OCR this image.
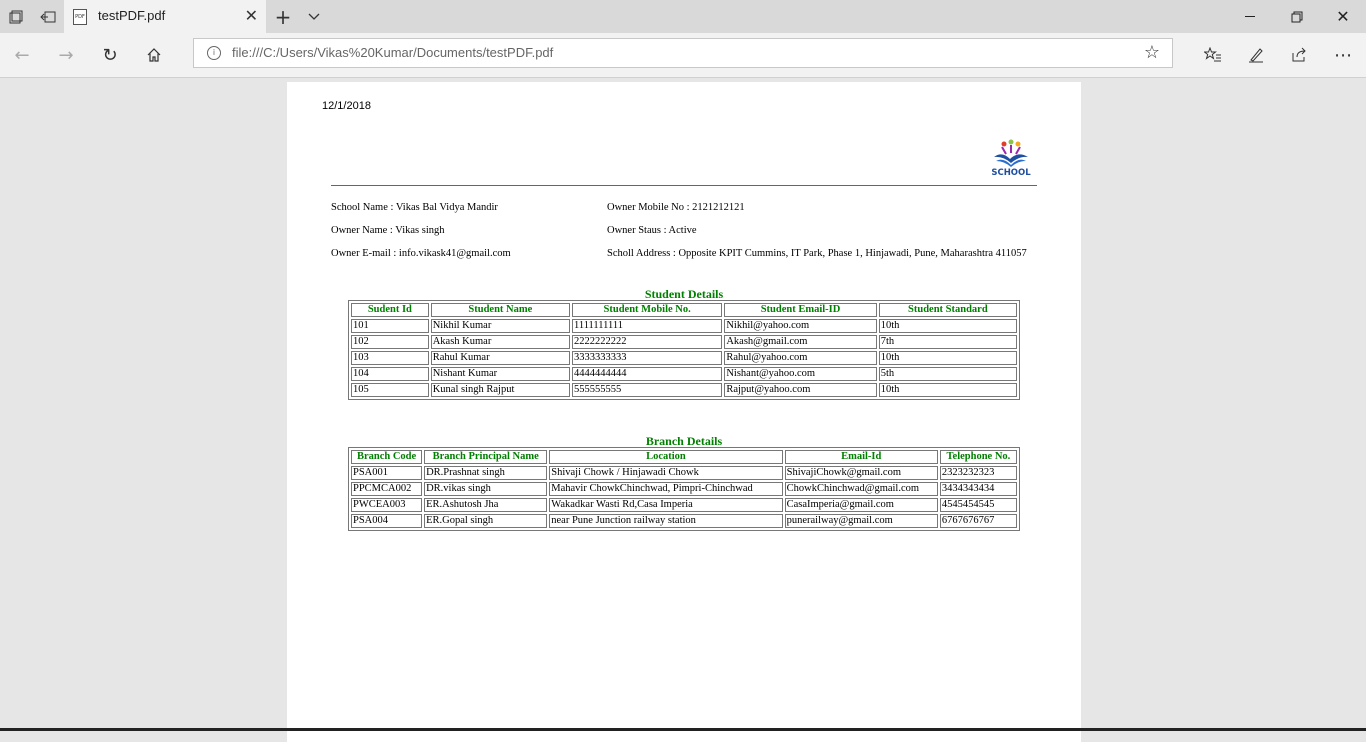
PDF testPDF.pdf	✕ +	✕
←	→	↻	i	file:///C:/Users/Vikas%20Kumar/Documents/testPDF.pdf	☆	⋯
12/1/2018
SCHOOL
School Name : Vikas Bal Vidya Mandir
Owner Name : Vikas singh
Owner E-mail : info.vikask41@gmail.com
Owner Mobile No : 2121212121
Owner Staus : Active
Scholl Address : Opposite KPIT Cummins, IT Park, Phase 1, Hinjawadi, Pune, Maharashtra 411057
Student Details
Sudent Id	Student Name	Student Mobile No.	Student Email-ID	Student Standard
101	Nikhil Kumar	1111111111	Nikhil@yahoo.com	10th
102	Akash Kumar	2222222222	Akash@gmail.com	7th
103	Rahul Kumar	3333333333	Rahul@yahoo.com	10th
104	Nishant Kumar	4444444444	Nishant@yahoo.com	5th
105	Kunal singh Rajput	555555555	Rajput@yahoo.com	10th
Branch Details
Branch Code	Branch Principal Name	Location	Email-Id	Telephone No.
PSA001	DR.Prashnat singh	Shivaji Chowk / Hinjawadi Chowk	ShivajiChowk@gmail.com	2323232323
PPCMCA002	DR.vikas singh	Mahavir ChowkChinchwad, Pimpri-Chinchwad	ChowkChinchwad@gmail.com	3434343434
PWCEA003	ER.Ashutosh Jha	Wakadkar Wasti Rd,Casa Imperia	CasaImperia@gmail.com	4545454545
PSA004	ER.Gopal singh	near Pune Junction railway station	punerailway@gmail.com	6767676767
